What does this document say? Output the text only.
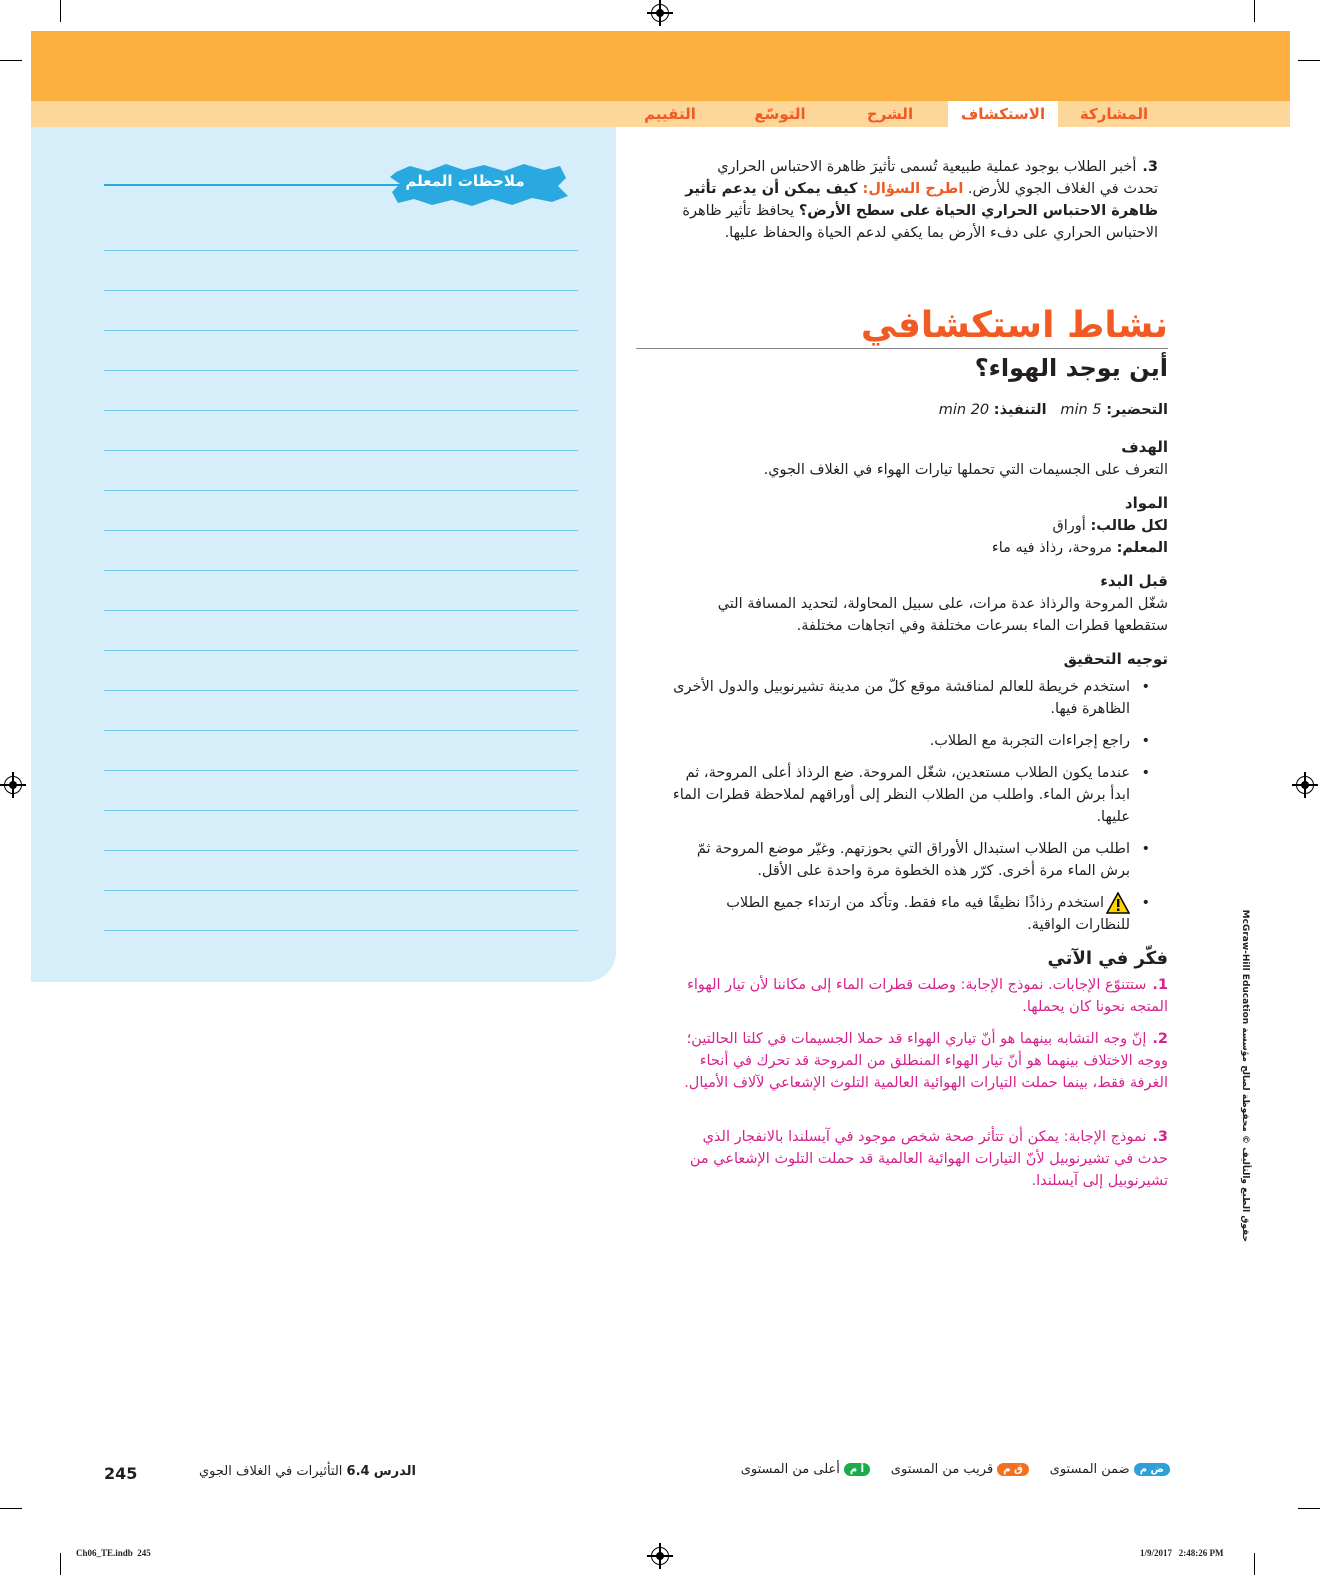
المشاركة
الاستكشاف
الشرح
التوسّع
التقييم
ملاحظات المعلم
3.
أخبر الطلاب بوجود عملية طبيعية تُسمى تأثيرَ ظاهرة الاحتباس الحراري تحدث في الغلاف الجوي للأرض. اطرح السؤال: كيف يمكن أن يدعم تأثير ظاهرة الاحتباس الحراري الحياة على سطح الأرض؟ يحافظ تأثير ظاهرة الاحتباس الحراري على دفء الأرض بما يكفي لدعم الحياة والحفاظ عليها.
نشاط استكشافي
أين يوجد الهواء؟
التحضير: 5 min   التنفيذ: 20 min
الهدف
التعرف على الجسيمات التي تحملها تيارات الهواء في الغلاف الجوي.
المواد
لكل طالب: أوراق
المعلم: مروحة، رذاذ فيه ماء
قبل البدء
شغّل المروحة والرذاذ عدة مرات، على سبيل المحاولة، لتحديد المسافة التي ستقطعها قطرات الماء بسرعات مختلفة وفي اتجاهات مختلفة.
توجيه التحقيق
• استخدم خريطة للعالم لمناقشة موقع كلّ من مدينة تشيرنوبيل والدول الأخرى الظاهرة فيها.
• راجع إجراءات التجربة مع الطلاب.
• عندما يكون الطلاب مستعدين، شغّل المروحة. ضع الرذاذ أعلى المروحة، ثم ابدأ برش الماء. واطلب من الطلاب النظر إلى أوراقهم لملاحظة قطرات الماء عليها.
• اطلب من الطلاب استبدال الأوراق التي بحوزتهم. وغيّر موضع المروحة ثمّ برش الماء مرة أخرى. كرّر هذه الخطوة مرة واحدة على الأقل.
• استخدم رذاذًا نظيفًا فيه ماء فقط. وتأكد من ارتداء جميع الطلاب للنظارات الواقية.
فكّر في الآتي
1.
ستتنوّع الإجابات. نموذج الإجابة: وصلت قطرات الماء إلى مكاننا لأن تيار الهواء المتجه نحونا كان يحملها.
2.
إنّ وجه التشابه بينهما هو أنّ تياري الهواء قد حملا الجسيمات في كلتا الحالتين؛ ووجه الاختلاف بينهما هو أنّ تيار الهواء المنطلق من المروحة قد تحرك في أنحاء الغرفة فقط، بينما حملت التيارات الهوائية العالمية التلوث الإشعاعي لآلاف الأميال.
3.
نموذج الإجابة: يمكن أن تتأثر صحة شخص موجود في آيسلندا بالانفجار الذي حدث في تشيرنوبيل لأنّ التيارات الهوائية العالمية قد حملت التلوث الإشعاعي من تشيرنوبيل إلى آيسلندا.
حقوق الطبع والتأليف © محفوظة لصالح مؤسسة McGraw-Hill Education
ض مضمن المستوى     ق مقريب من المستوى     أ مأعلى من المستوى
245	الدرس 6.4 التأثيرات في الغلاف الجوي
Ch06_TE.indb  245	1/9/2017   2:48:26 PM
